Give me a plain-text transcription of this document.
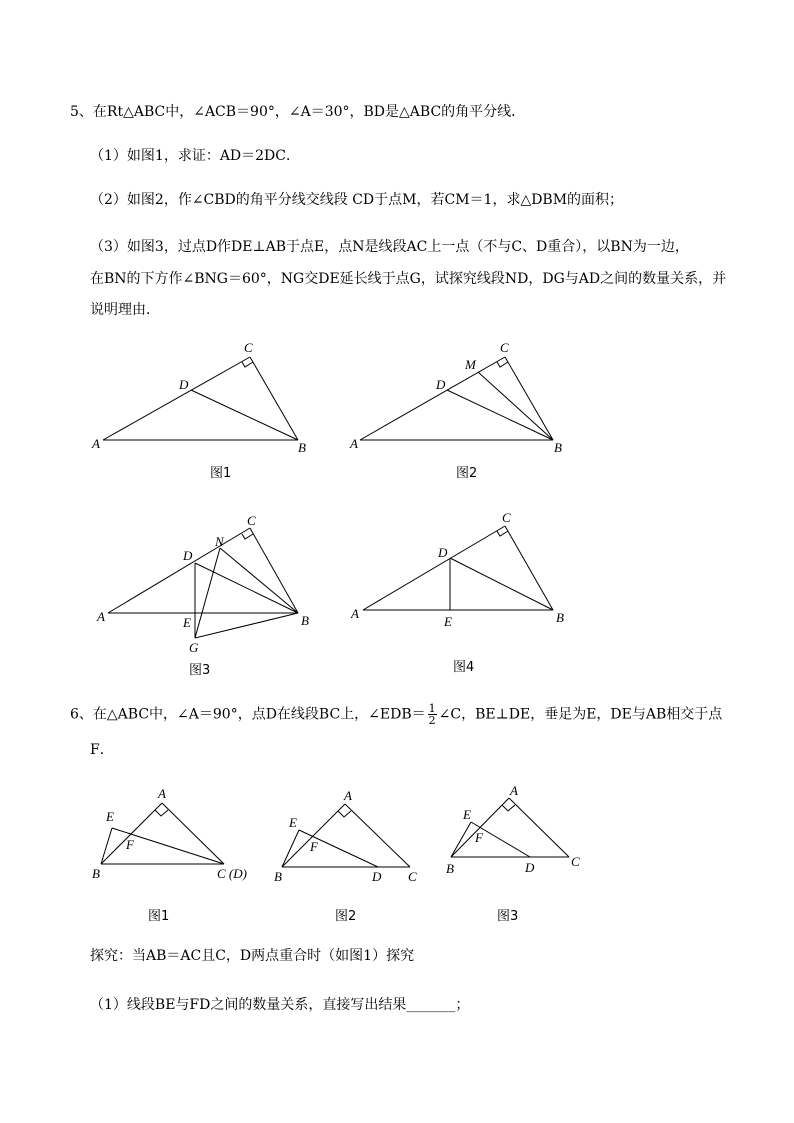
5、在Rt△ABC中，∠ACB＝90°，∠A＝30°，BD是△ABC的角平分线．
（1）如图1，求证：AD＝2DC．
（2）如图2，作∠CBD的角平分线交线段 CD于点M，若CM＝1，求△DBM的面积；
（3）如图3，过点D作DE⊥AB于点E，点N是线段AC上一点（不与C、D重合），以BN为一边，
在BN的下方作∠BNG＝60°，NG交DE延长线于点G，试探究线段ND，DG与AD之间的数量关系，并
说明理由．
C
D
A	B
C
M
D
A	B
C
N
D
A	B
E
G
C
D
A	B
E
A
E
F
B	C (D)
A
E
F
B	D C
A
E
F
B	D	C
图1	图2
图3	图4
6、在△ABC中，∠A＝90°，点D在线段BC上，∠EDB＝ $\frac{1}{2}$ ∠C，BE⊥DE，垂足为E，DE与AB相交于点
F．
图1	图2	图3
探究：当AB＝AC且C，D两点重合时（如图1）探究
（1）线段BE与FD之间的数量关系，直接写出结果_______；
